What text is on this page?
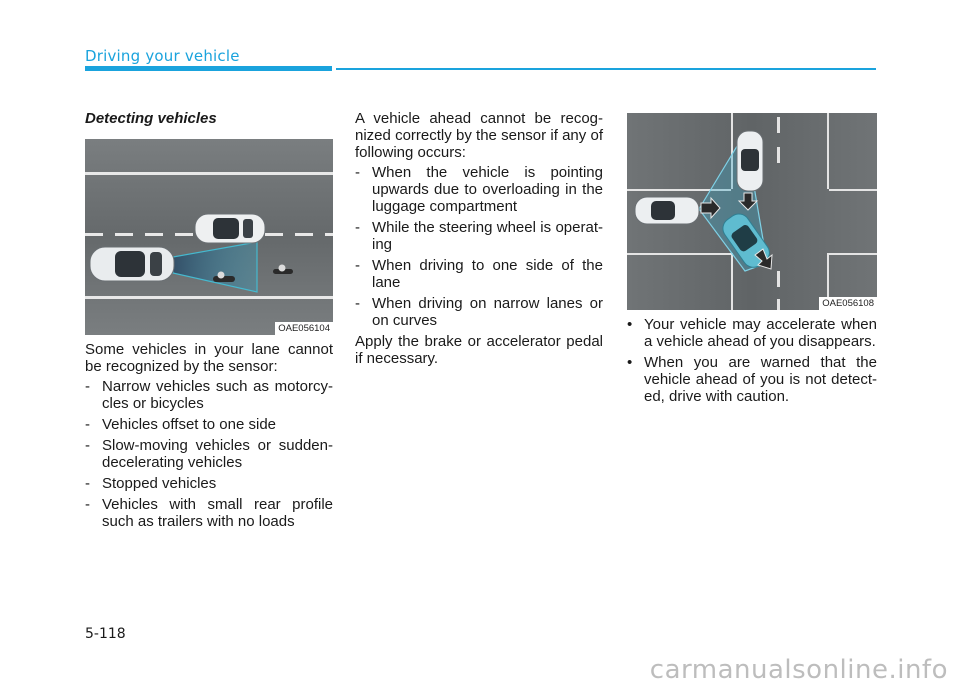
Driving your vehicle
Detecting vehicles
OAE056104

Some vehicles in your lane cannot be recognized by the sensor:

- Narrow vehicles such as motorcy-cles or bicycles
- Vehicles offset to one side
- Slow-moving vehicles or sudden-decelerating vehicles
- Stopped vehicles
- Vehicles with small rear profile such as trailers with no loads

A vehicle ahead cannot be recog-nized correctly by the sensor if any of following occurs:

- When the vehicle is pointing upwards due to overloading in the luggage compartment
- While the steering wheel is operat-ing
- When driving to one side of the lane
- When driving on narrow lanes or on curves

Apply the brake or accelerator pedal if necessary.

OAE056108
• Your vehicle may accelerate when a vehicle ahead of you disappears.
• When you are warned that the vehicle ahead of you is not detect-ed, drive with caution.
5-118
carmanualsonline.info
